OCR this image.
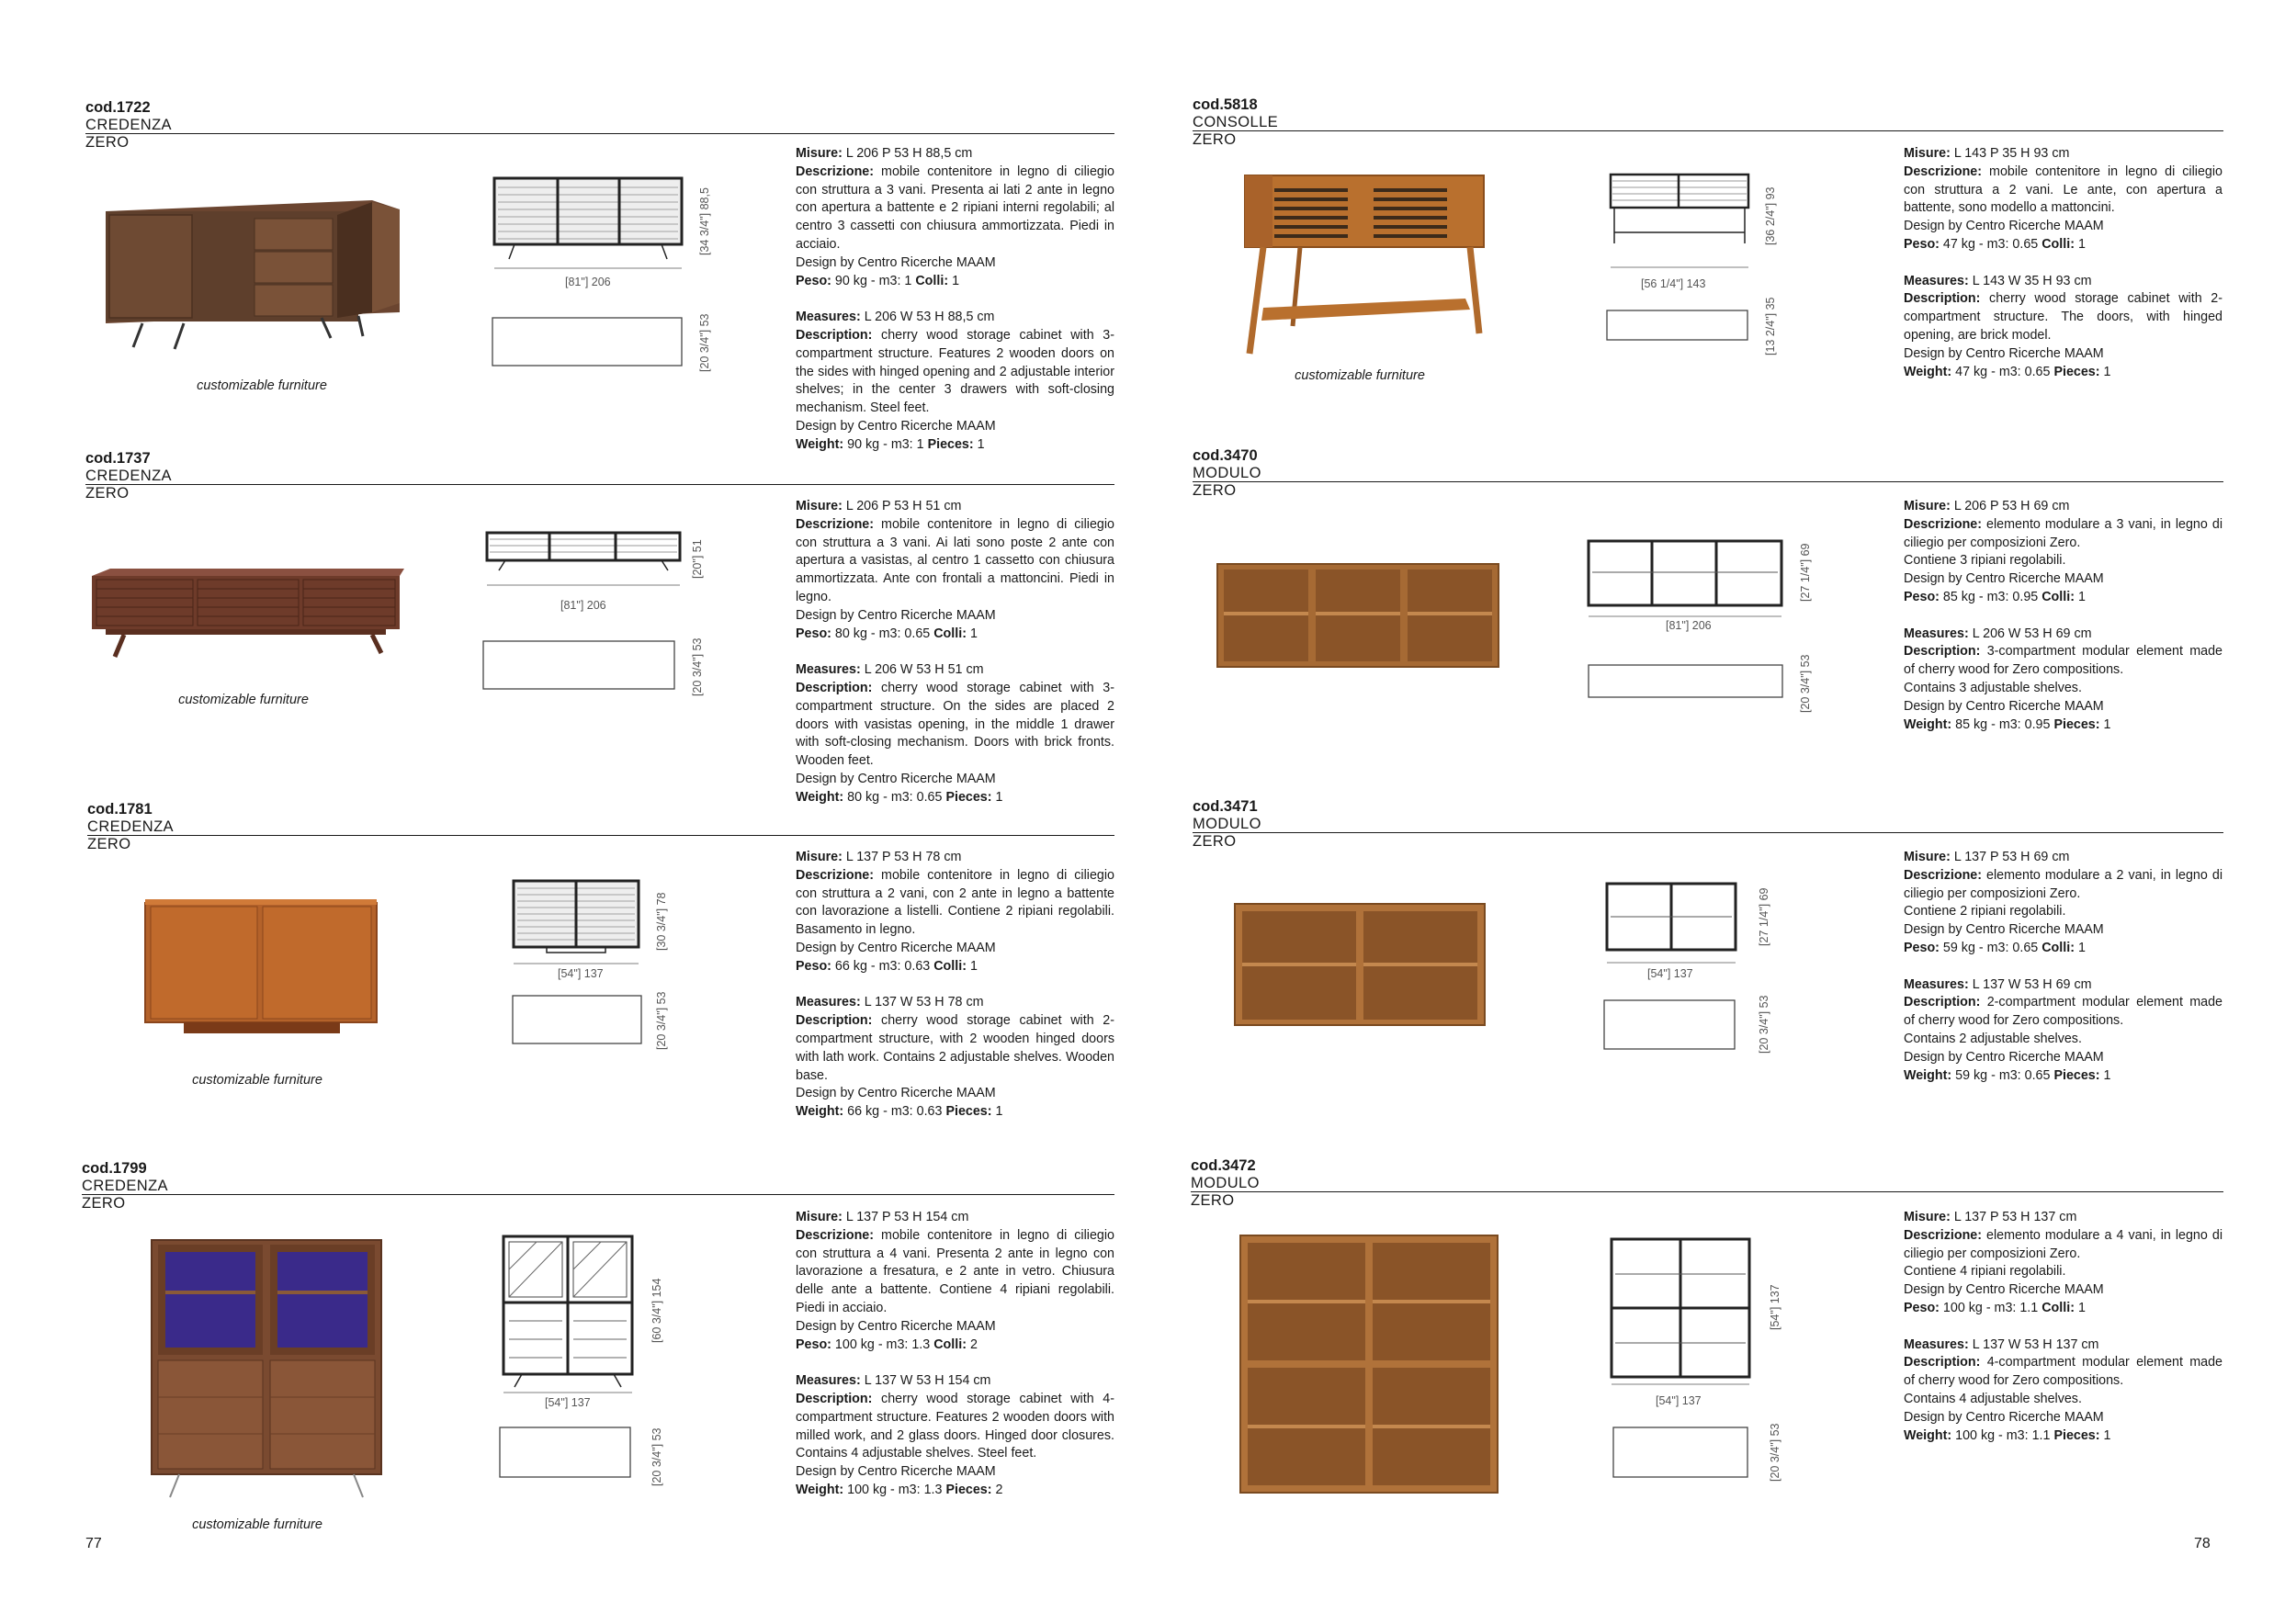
cod.1722
CREDENZA ZERO
customizable furniture
[81"] 206
[34 3/4"] 88,5
[20 3/4"] 53

Misure: L 206 P 53 H 88,5 cm

Descrizione: mobile contenitore in legno di ciliegio con struttura a 3 vani. Presenta ai lati 2 ante in legno con apertura a battente e 2 ripiani interni regolabili; al centro 3 cassetti con chiusura ammortizzata. Piedi in acciaio.

Design by Centro Ricerche MAAM

Peso: 90 kg - m3: 1 Colli: 1

Measures: L 206 W 53 H 88,5 cm

Description: cherry wood storage cabinet with 3-compartment structure. Features 2 wooden doors on the sides with hinged opening and 2 adjustable interior shelves; in the center 3 drawers with soft-closing mechanism. Steel feet.

Design by Centro Ricerche MAAM

Weight: 90 kg - m3: 1 Pieces: 1

cod.1737
CREDENZA ZERO
customizable furniture
[81"] 206
[20"] 51
[20 3/4"] 53

Misure: L 206 P 53 H 51 cm

Descrizione: mobile contenitore in legno di ciliegio con struttura a 3 vani. Ai lati sono poste 2 ante con apertura a vasistas, al centro 1 cassetto con chiusura ammortizzata. Ante con frontali a mattoncini. Piedi in legno.

Design by Centro Ricerche MAAM

Peso: 80 kg - m3: 0.65 Colli: 1

Measures: L 206 W 53 H 51 cm

Description: cherry wood storage cabinet with 3-compartment structure. On the sides are placed 2 doors with vasistas opening, in the middle 1 drawer with soft-closing mechanism. Doors with brick fronts. Wooden feet.

Design by Centro Ricerche MAAM

Weight: 80 kg - m3: 0.65 Pieces: 1

cod.1781
CREDENZA ZERO
customizable furniture
[54"] 137
[30 3/4"] 78
[20 3/4"] 53

Misure: L 137 P 53 H 78 cm

Descrizione: mobile contenitore in legno di ciliegio con struttura a 2 vani, con 2 ante in legno a battente con lavorazione a listelli. Contiene 2 ripiani regolabili. Basamento in legno.

Design by Centro Ricerche MAAM

Peso: 66 kg - m3: 0.63 Colli: 1

Measures: L 137 W 53 H 78 cm

Description: cherry wood storage cabinet with 2-compartment structure, with 2 wooden hinged doors with lath work. Contains 2 adjustable shelves. Wooden base.

Design by Centro Ricerche MAAM

Weight: 66 kg - m3: 0.63 Pieces: 1

cod.1799
CREDENZA ZERO
customizable furniture
[54"] 137
[60 3/4"] 154
[20 3/4"] 53

Misure: L 137 P 53 H 154 cm

Descrizione: mobile contenitore in legno di ciliegio con struttura a 4 vani. Presenta 2 ante in legno con lavorazione a fresatura, e 2 ante in vetro. Chiusura delle ante a battente. Contiene 4 ripiani regolabili. Piedi in acciaio.

Design by Centro Ricerche MAAM

Peso: 100 kg - m3: 1.3 Colli: 2

Measures: L 137 W 53 H 154 cm

Description: cherry wood storage cabinet with 4-compartment structure. Features 2 wooden doors with milled work, and 2 glass doors. Hinged door closures. Contains 4 adjustable shelves. Steel feet.

Design by Centro Ricerche MAAM

Weight: 100 kg - m3: 1.3 Pieces: 2

cod.5818
CONSOLLE ZERO
customizable furniture
[56 1/4"] 143
[36 2/4"] 93
[13 2/4"] 35

Misure: L 143 P 35 H 93 cm

Descrizione: mobile contenitore in legno di ciliegio con struttura a 2 vani. Le ante, con apertura a battente, sono modello a mattoncini.

Design by Centro Ricerche MAAM

Peso: 47 kg - m3: 0.65 Colli: 1

Measures: L 143 W 35 H 93 cm

Description: cherry wood storage cabinet with 2-compartment structure. The doors, with hinged opening, are brick model.

Design by Centro Ricerche MAAM

Weight: 47 kg - m3: 0.65 Pieces: 1

cod.3470
MODULO ZERO
[81"] 206
[27 1/4"] 69
[20 3/4"] 53

Misure: L 206 P 53 H 69 cm

Descrizione: elemento modulare a 3 vani, in legno di ciliegio per composizioni Zero.

Contiene 3 ripiani regolabili.

Design by Centro Ricerche MAAM

Peso: 85 kg - m3: 0.95 Colli: 1

Measures: L 206 W 53 H 69 cm

Description: 3-compartment modular element made of cherry wood for Zero compositions.

Contains 3 adjustable shelves.

Design by Centro Ricerche MAAM

Weight: 85 kg - m3: 0.95 Pieces: 1

cod.3471
MODULO ZERO
[54"] 137
[27 1/4"] 69
[20 3/4"] 53

Misure: L 137 P 53 H 69 cm

Descrizione: elemento modulare a 2 vani, in legno di ciliegio per composizioni Zero.

Contiene 2 ripiani regolabili.

Design by Centro Ricerche MAAM

Peso: 59 kg - m3: 0.65 Colli: 1

Measures: L 137 W 53 H 69 cm

Description: 2-compartment modular element made of cherry wood for Zero compositions.

Contains 2 adjustable shelves.

Design by Centro Ricerche MAAM

Weight: 59 kg - m3: 0.65 Pieces: 1

cod.3472
MODULO ZERO
[54"] 137
[54"] 137
[20 3/4"] 53

Misure: L 137 P 53 H 137 cm

Descrizione: elemento modulare a 4 vani, in legno di ciliegio per composizioni Zero.

Contiene 4 ripiani regolabili.

Design by Centro Ricerche MAAM

Peso: 100 kg - m3: 1.1 Colli: 1

Measures: L 137 W 53 H 137 cm

Description: 4-compartment modular element made of cherry wood for Zero compositions.

Contains 4 adjustable shelves.

Design by Centro Ricerche MAAM

Weight: 100 kg - m3: 1.1 Pieces: 1

77	78
